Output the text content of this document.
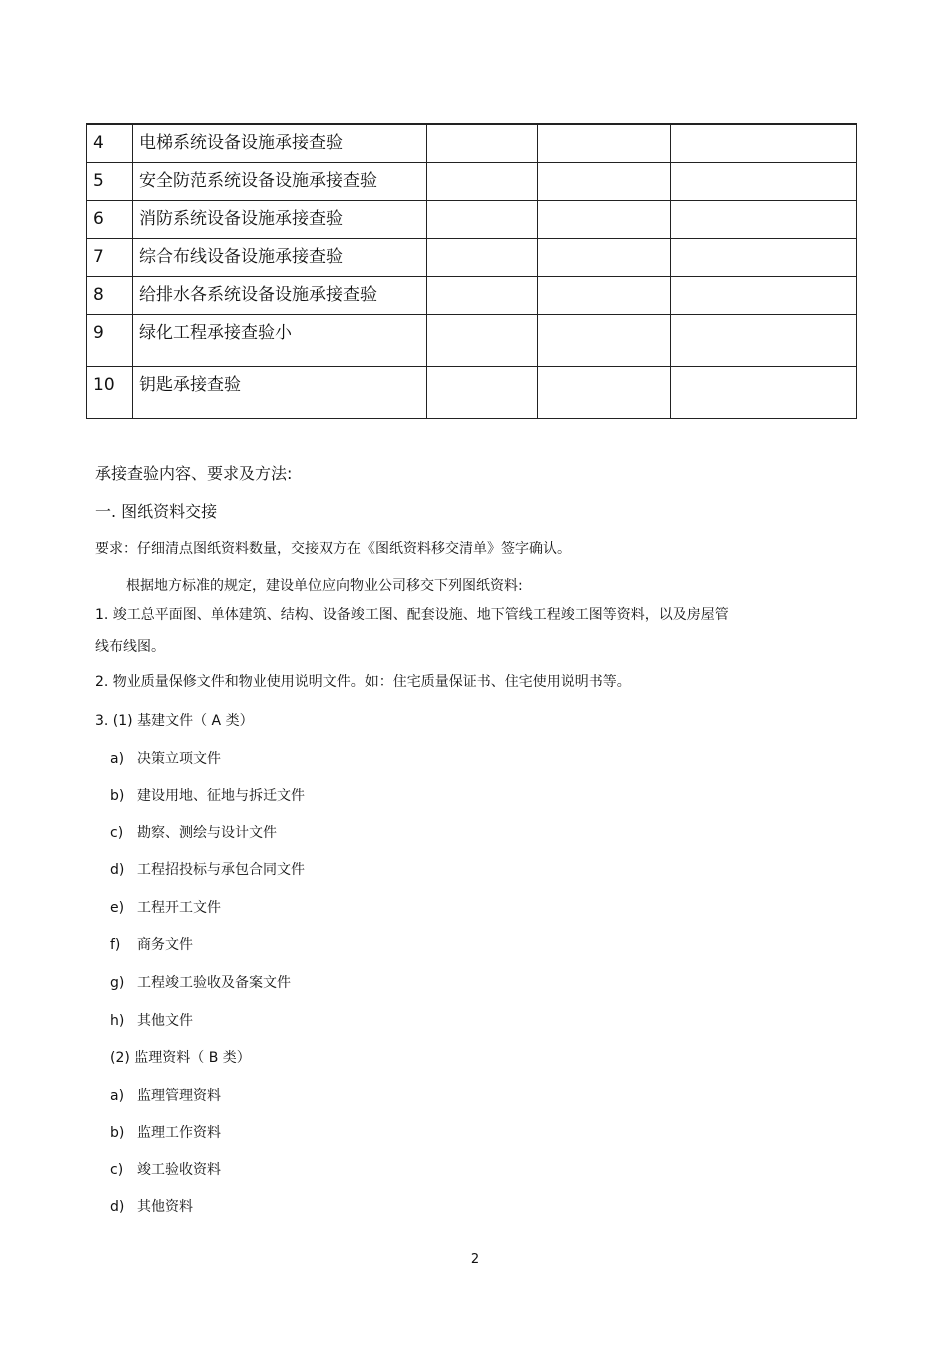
4	电梯系统设备设施承接查验			
5	安全防范系统设备设施承接查验			
6	消防系统设备设施承接查验			
7	综合布线设备设施承接查验			
8	给排水各系统设备设施承接查验			
9	绿化工程承接查验小			
10	钥匙承接查验			
承接查验内容、要求及方法:
一. 图纸资料交接
要求：仔细清点图纸资料数量，交接双方在《图纸资料移交清单》签字确认。
根据地方标准的规定，建设单位应向物业公司移交下列图纸资料:
1. 竣工总平面图、单体建筑、结构、设备竣工图、配套设施、地下管线工程竣工图等资料，以及房屋管
线布线图。
2. 物业质量保修文件和物业使用说明文件。如：住宅质量保证书、住宅使用说明书等。
3. (1) 基建文件（ A 类）
a) 决策立项文件
b) 建设用地、征地与拆迁文件
c) 勘察、测绘与设计文件
d) 工程招投标与承包合同文件
e) 工程开工文件
f) 商务文件
g) 工程竣工验收及备案文件
h) 其他文件
(2) 监理资料（ B 类）
a) 监理管理资料
b) 监理工作资料
c) 竣工验收资料
d) 其他资料
2
